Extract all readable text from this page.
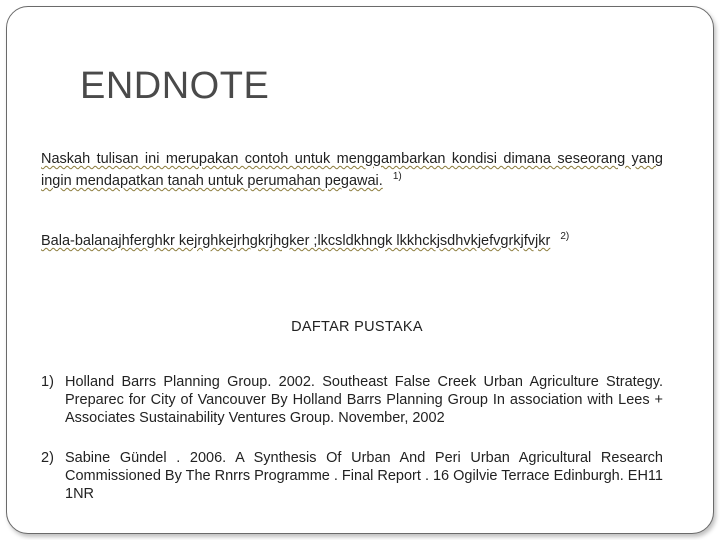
ENDNOTE
Naskah tulisan ini merupakan contoh untuk menggambarkan kondisi dimana seseorang yang ingin mendapatkan tanah untuk perumahan pegawai. $^{1)}$
Bala-balanajhferghkr kejrghkejrhgkrjhgker ;lkcsldkhngk lkkhckjsdhvkjefvgrkjfvjkr $^{2)}$
DAFTAR PUSTAKA
1) Holland Barrs Planning Group. 2002. Southeast False Creek Urban Agriculture Strategy. Preparec for City of Vancouver By Holland Barrs Planning Group In association with Lees + Associates Sustainability Ventures Group. November, 2002
2) Sabine Gündel . 2006. A Synthesis Of Urban And Peri Urban Agricultural Research Commissioned By The Rnrrs Programme . Final Report . 16 Ogilvie Terrace Edinburgh. EH11 1NR
